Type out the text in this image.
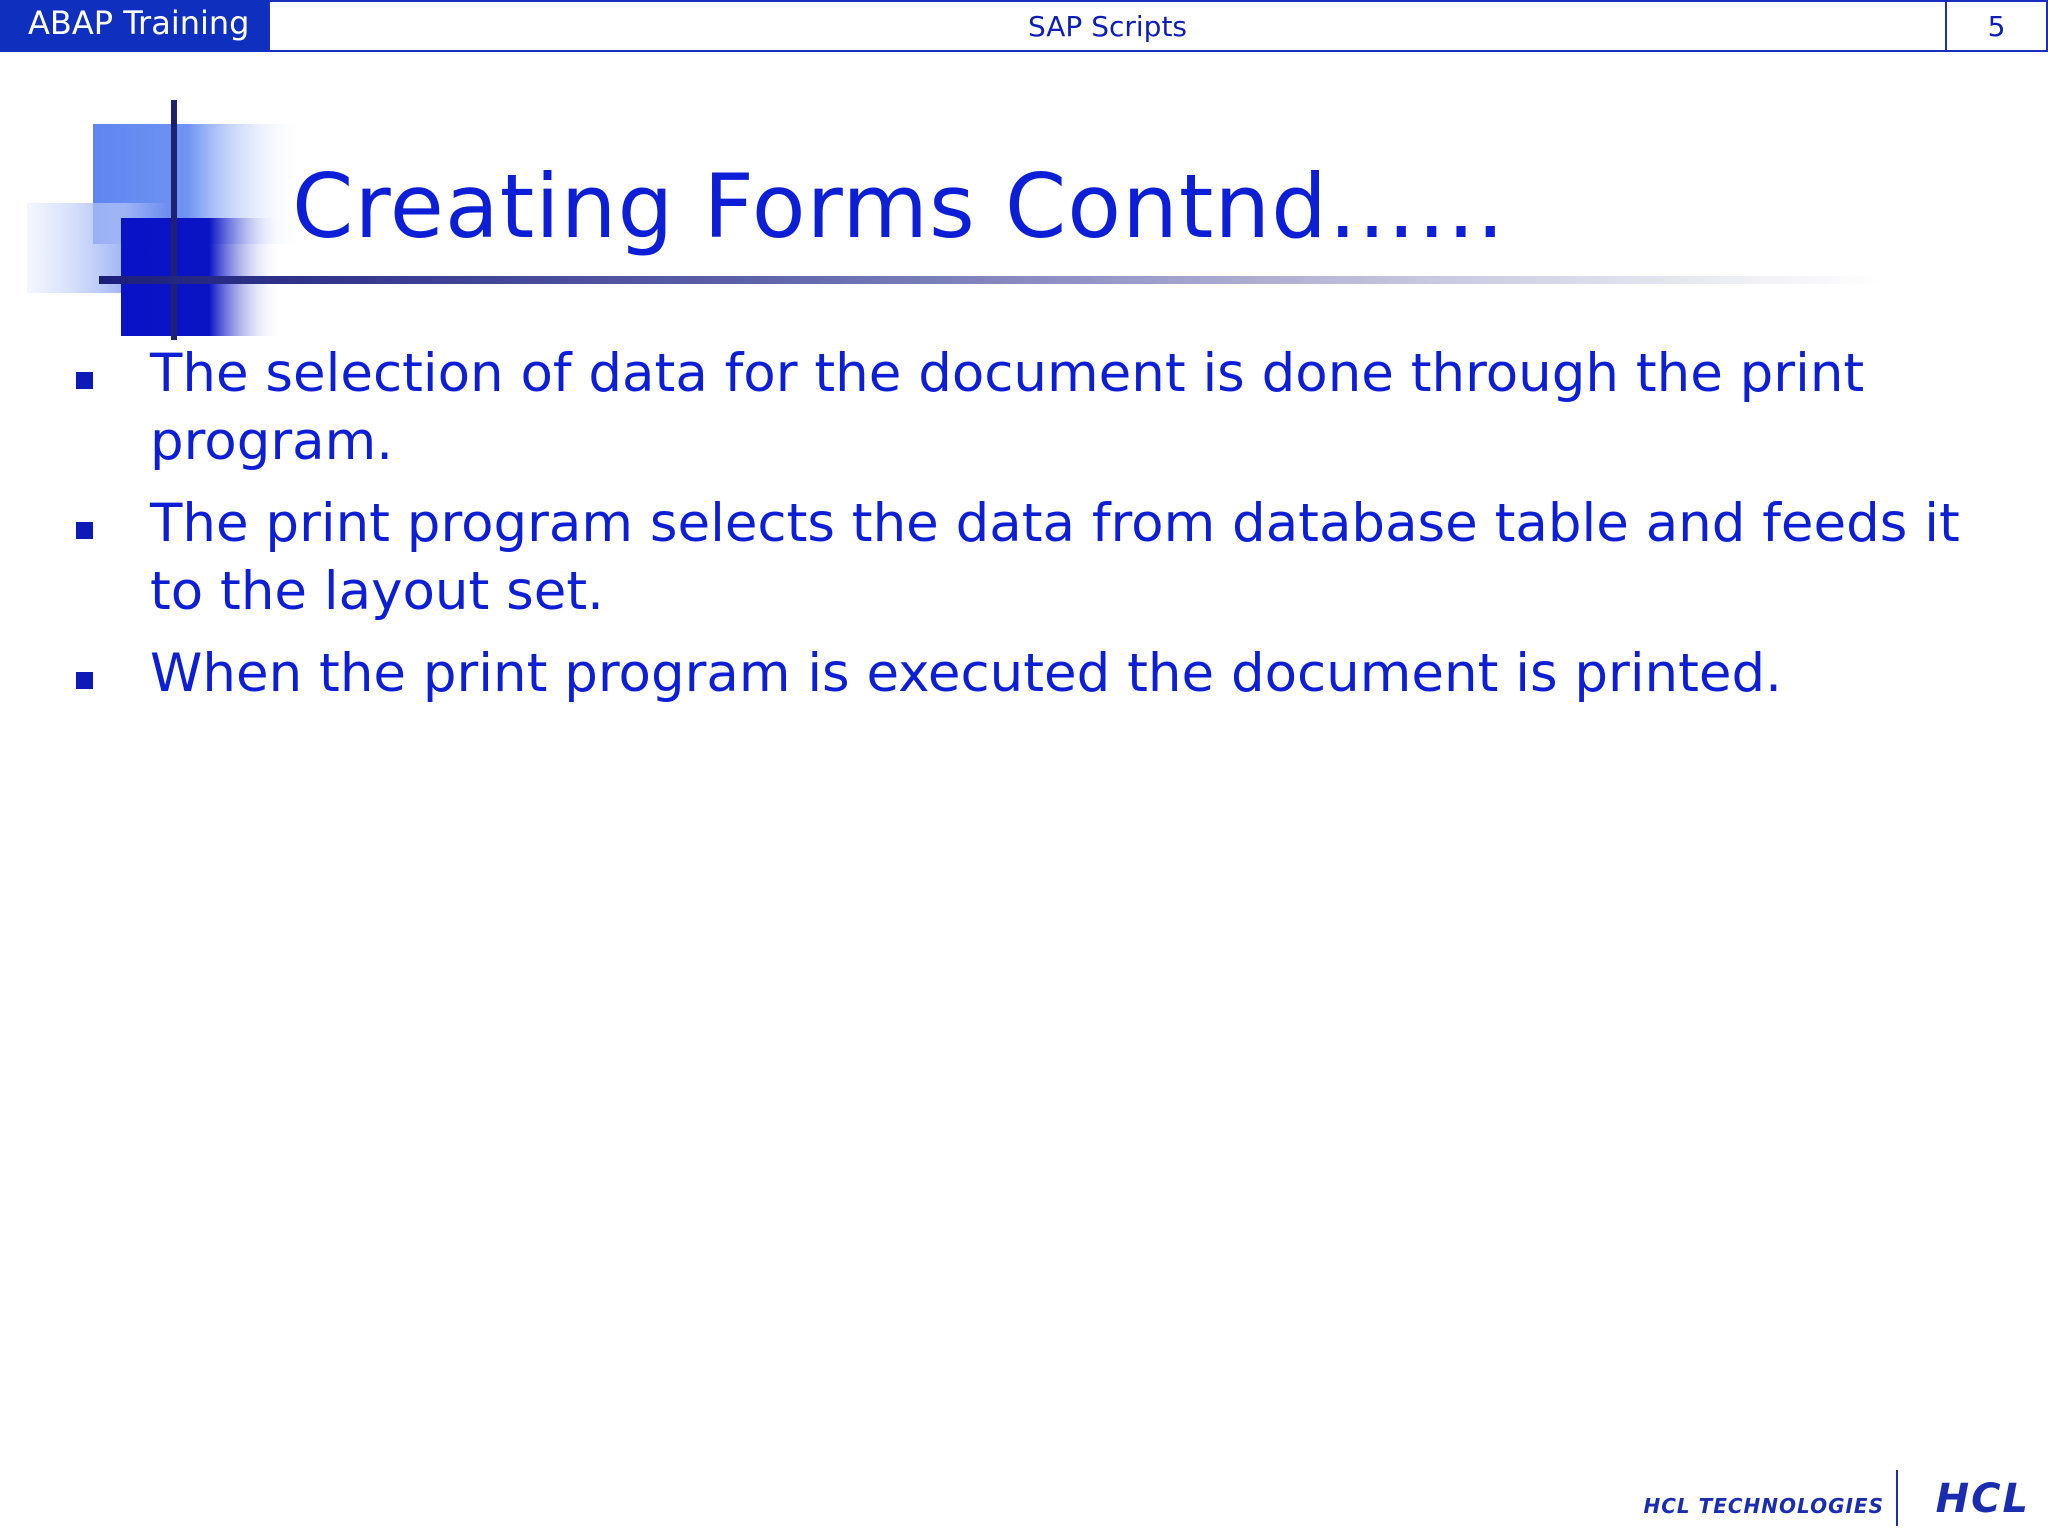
ABAP Training	SAP Scripts	5
Creating Forms Contnd……
The selection of data for the document is done through the print program.
The print program selects the data from database table and feeds it to the layout set.
When the print program is executed the document is printed.
HCL TECHNOLOGIES HCL
